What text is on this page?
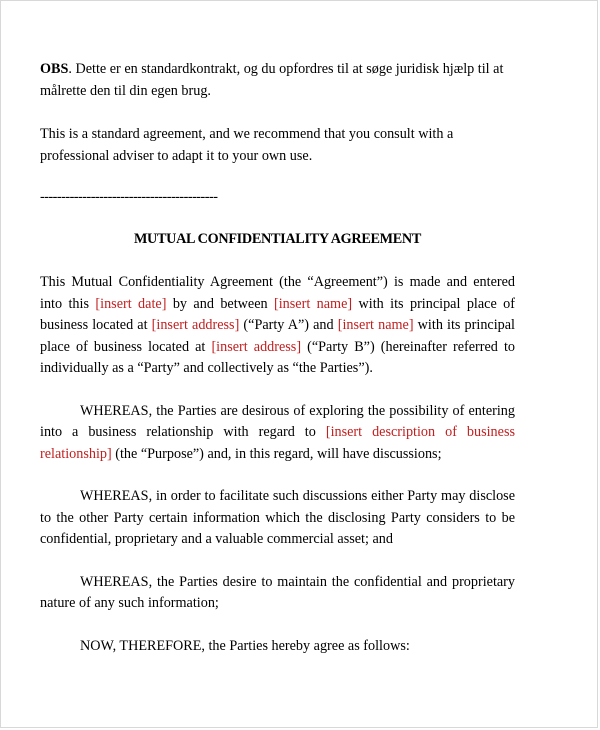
OBS. Dette er en standardkontrakt, og du opfordres til at søge juridisk hjælp til at målrette den til din egen brug.

This is a standard agreement, and we recommend that you consult with a professional adviser to adapt it to your own use.

------------------------------------------

MUTUAL CONFIDENTIALITY AGREEMENT

This Mutual Confidentiality Agreement (the “Agreement”) is made and entered into this [insert date] by and between [insert name] with its principal place of business located at [insert address] (“Party A”) and [insert name] with its principal place of business located at [insert address] (“Party B”) (hereinafter referred to individually as a “Party” and collectively as “the Parties”).

WHEREAS, the Parties are desirous of exploring the possibility of entering into a business relationship with regard to [insert description of business relationship] (the “Purpose”) and, in this regard, will have discussions;

WHEREAS, in order to facilitate such discussions either Party may disclose to the other Party certain information which the disclosing Party considers to be confidential, proprietary and a valuable commercial asset; and

WHEREAS, the Parties desire to maintain the confidential and proprietary nature of any such information;

NOW, THEREFORE, the Parties hereby agree as follows:
